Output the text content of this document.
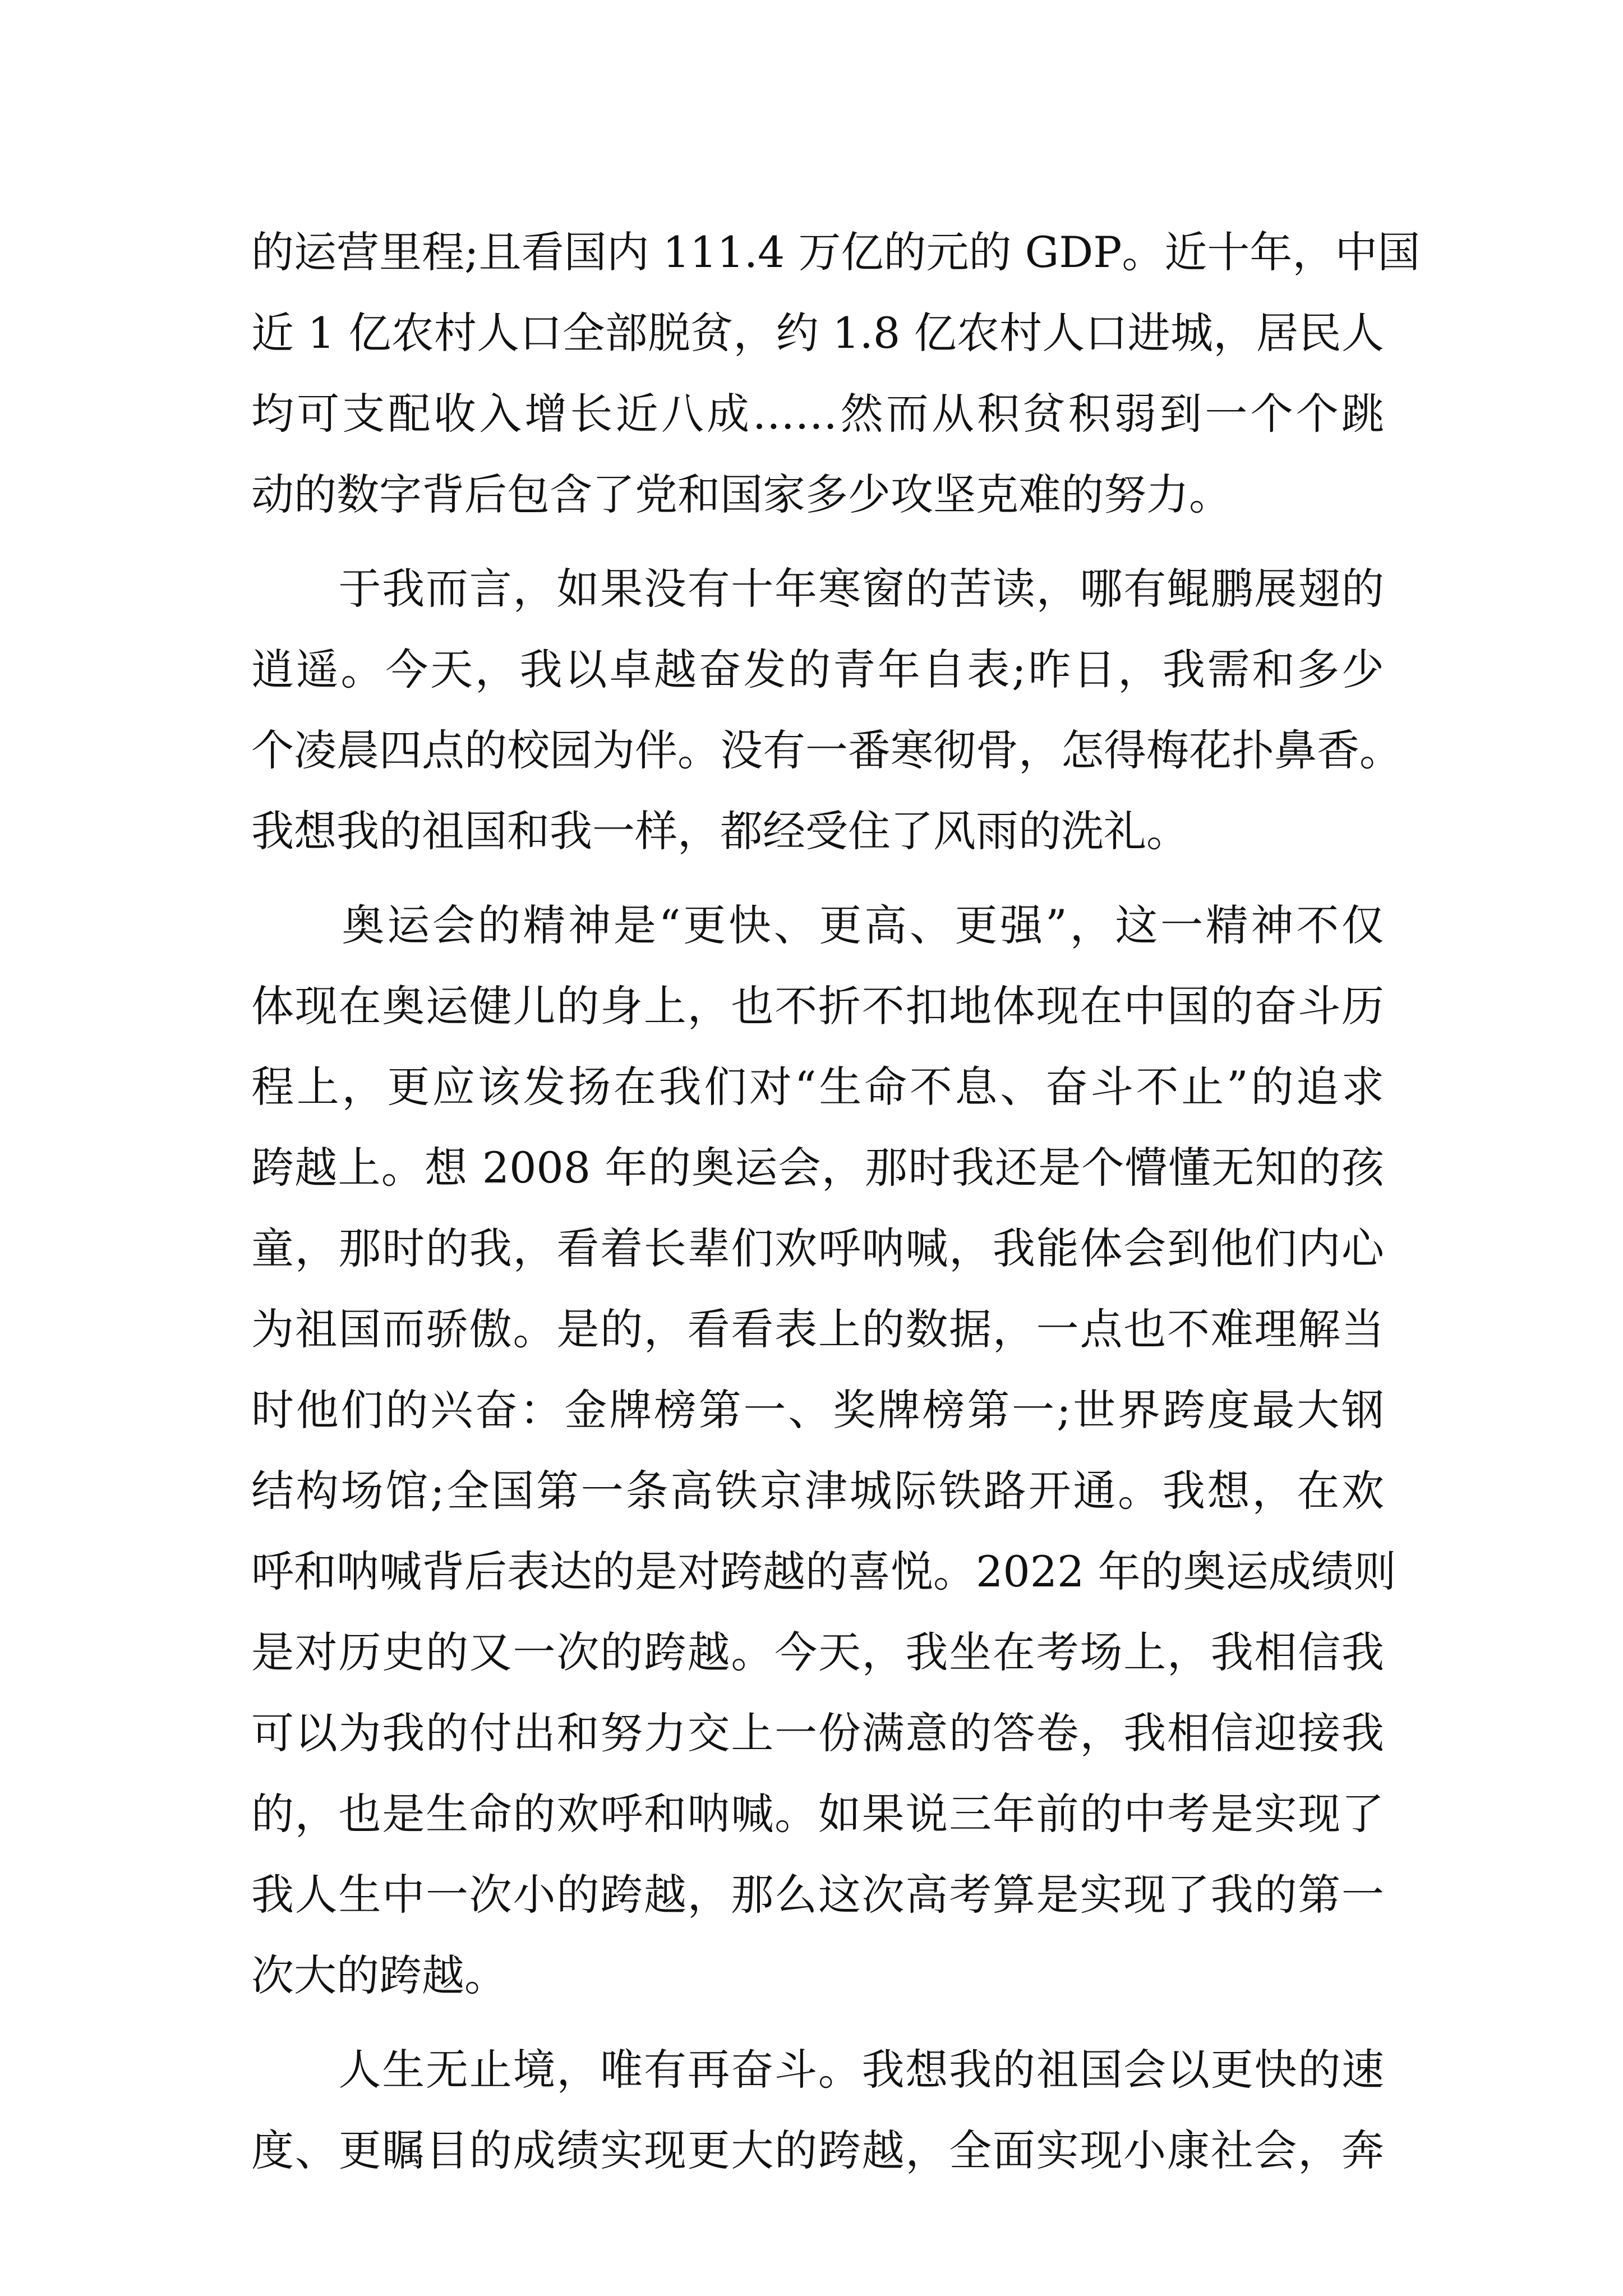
的运营里程;且看国内 111.4 万亿的元的 GDP。近十年，中国
近 1 亿农村人口全部脱贫，约 1.8 亿农村人口进城，居民人
均可支配收入增长近八成……然而从积贫积弱到一个个跳
动的数字背后包含了党和国家多少攻坚克难的努力。
　　于我而言，如果没有十年寒窗的苦读，哪有鲲鹏展翅的
逍遥。今天，我以卓越奋发的青年自表;昨日，我需和多少
个凌晨四点的校园为伴。没有一番寒彻骨，怎得梅花扑鼻香。
我想我的祖国和我一样，都经受住了风雨的洗礼。
　　奥运会的精神是“更快、更高、更强”，这一精神不仅
体现在奥运健儿的身上，也不折不扣地体现在中国的奋斗历
程上，更应该发扬在我们对“生命不息、奋斗不止”的追求
跨越上。想 2008 年的奥运会，那时我还是个懵懂无知的孩
童，那时的我，看着长辈们欢呼呐喊，我能体会到他们内心
为祖国而骄傲。是的，看看表上的数据，一点也不难理解当
时他们的兴奋：金牌榜第一、奖牌榜第一;世界跨度最大钢
结构场馆;全国第一条高铁京津城际铁路开通。我想，在欢
呼和呐喊背后表达的是对跨越的喜悦。2022 年的奥运成绩则
是对历史的又一次的跨越。今天，我坐在考场上，我相信我
可以为我的付出和努力交上一份满意的答卷，我相信迎接我
的，也是生命的欢呼和呐喊。如果说三年前的中考是实现了
我人生中一次小的跨越，那么这次高考算是实现了我的第一
次大的跨越。
　　人生无止境，唯有再奋斗。我想我的祖国会以更快的速
度、更瞩目的成绩实现更大的跨越，全面实现小康社会，奔
